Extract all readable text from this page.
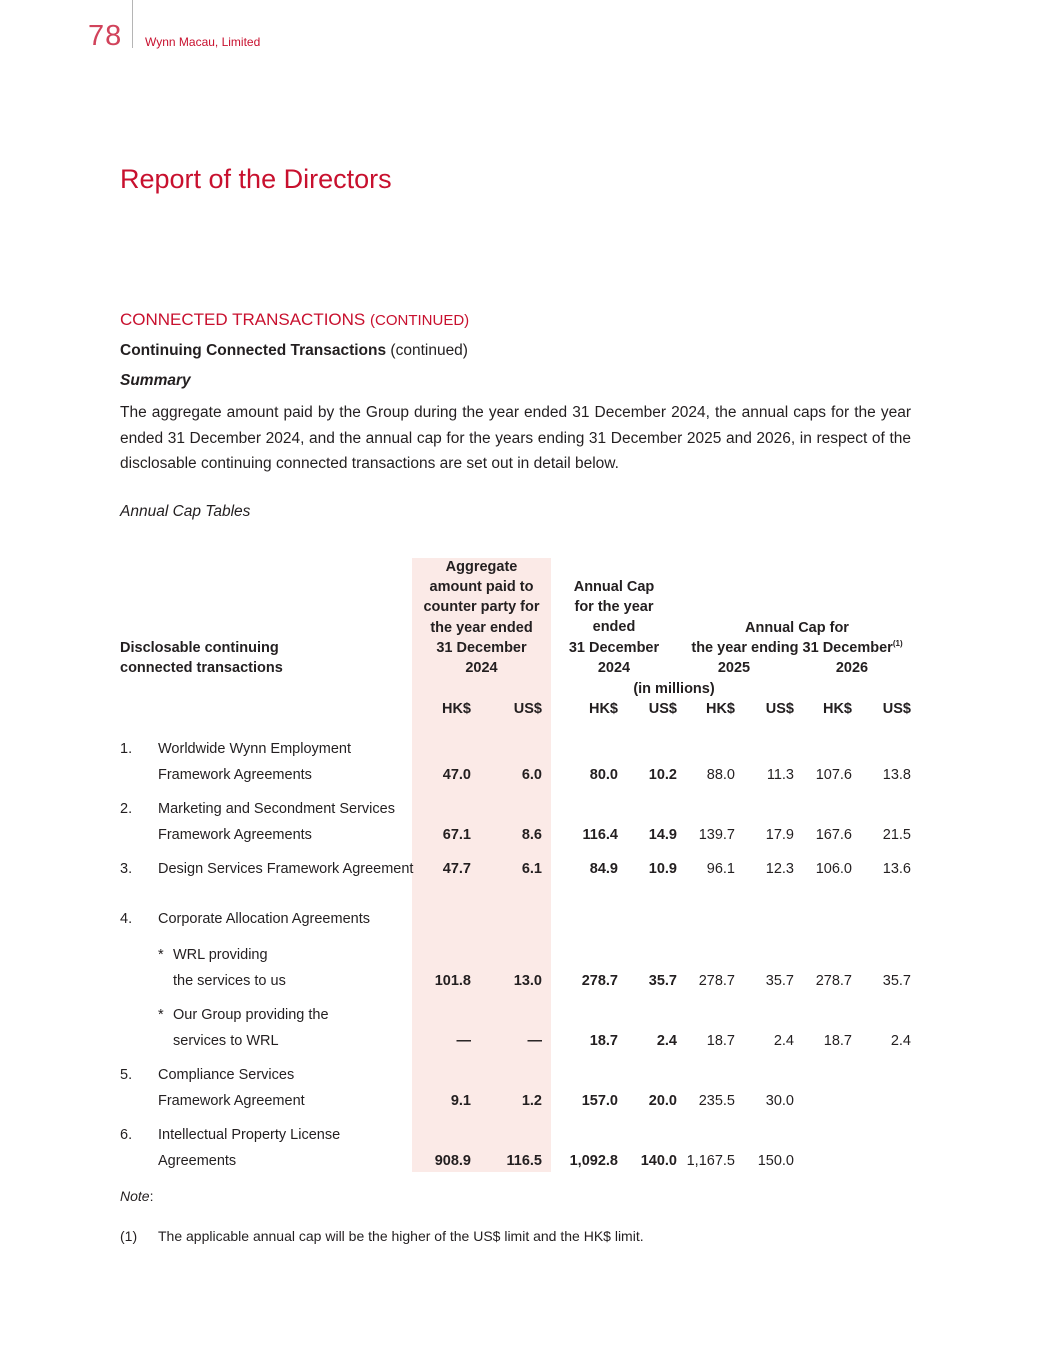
78 Wynn Macau, Limited
Report of the Directors
CONNECTED TRANSACTIONS (CONTINUED)
Continuing Connected Transactions (continued)
Summary

The aggregate amount paid by the Group during the year ended 31 December 2024, the annual caps for the year ended 31 December 2024, and the annual cap for the years ending 31 December 2025 and 2026, in respect of the disclosable continuing connected transactions are set out in detail below.

Annual Cap Tables
Disclosable continuing
connected transactions
Aggregate
amount paid to
counter party for
the year ended
31 December
2024
Annual Cap
for the year
ended
31 December
2024
Annual Cap for
the year ending 31 December$^{(1)}$
2025	2026
(in millions)
HK$	US$	HK$	US$	HK$	US$	HK$	US$
1. Worldwide Wynn Employment
Framework Agreements	47.0	6.0	80.0	10.2	88.0	11.3	107.6	13.8
2. Marketing and Secondment Services
Framework Agreements	67.1	8.6	116.4	14.9	139.7	17.9	167.6	21.5
3. Design Services Framework Agreement	47.7	6.1	84.9	10.9	96.1	12.3	106.0	13.6
4. Corporate Allocation Agreements
* WRL providing
the services to us	101.8	13.0	278.7	35.7	278.7	35.7	278.7	35.7
* Our Group providing the
services to WRL	—	—	18.7	2.4	18.7	2.4	18.7	2.4
5. Compliance Services
Framework Agreement	9.1	1.2	157.0	20.0	235.5	30.0
6. Intellectual Property License
Agreements	908.9	116.5	1,092.8	140.0 1,167.5	150.0
Note:
(1) The applicable annual cap will be the higher of the US$ limit and the HK$ limit.
